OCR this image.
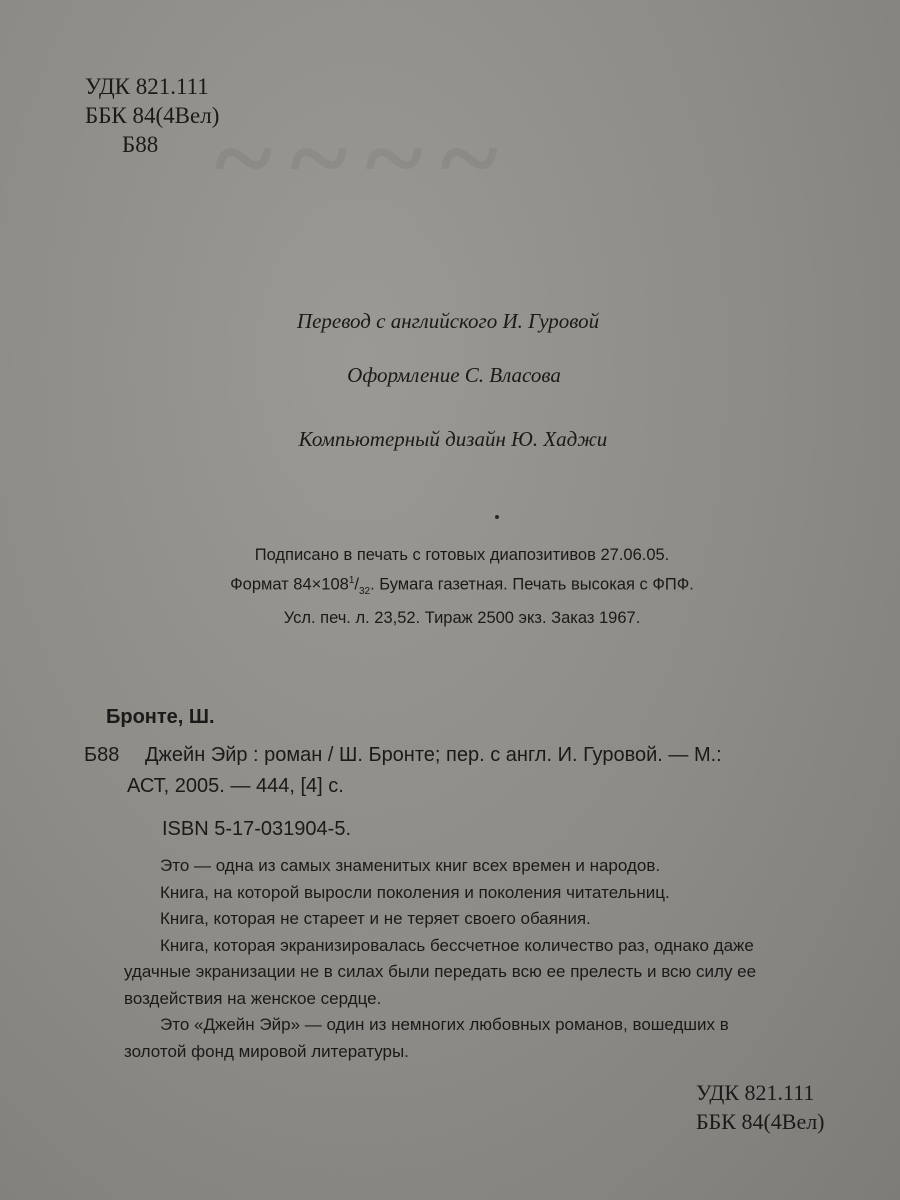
~~~~
УДК 821.111
ББК 84(4Вел)
Б88
Перевод с английского И. Гуровой
Оформление С. Власова
Компьютерный дизайн Ю. Хаджи
Подписано в печать с готовых диапозитивов 27.06.05.
Формат $84\times 108^1/_{32}$. Бумага газетная. Печать высокая с ФПФ.
Усл. печ. л. 23,52. Тираж 2500 экз. Заказ 1967.
Бронте, Ш.
Б88 Джейн Эйр : роман / Ш. Бронте; пер. с англ. И. Гуровой. — М.:
АСТ, 2005. — 444, [4] с.
ISBN 5-17-031904-5.
Это — одна из самых знаменитых книг всех времен и народов.
Книга, на которой выросли поколения и поколения читательниц.
Книга, которая не стареет и не теряет своего обаяния.
Книга, которая экранизировалась бессчетное количество раз, однако даже
удачные экранизации не в силах были передать всю ее прелесть и всю силу ее
воздействия на женское сердце.
Это «Джейн Эйр» — один из немногих любовных романов, вошедших в
золотой фонд мировой литературы.
УДК 821.111
ББК 84(4Вел)
